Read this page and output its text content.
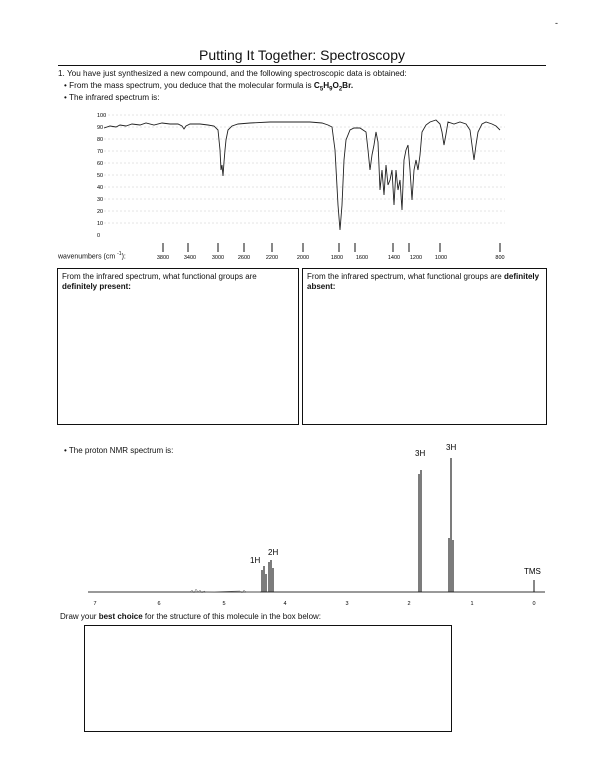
-
Putting It Together: Spectroscopy
1. You have just synthesized a new compound, and the following spectroscopic data is obtained:
• From the mass spectrum, you deduce that the molecular formula is $C_5H_9O_2Br$.
• The infrared spectrum is:
100
90
80
70
60
50
40
30
20
10
0
wavenumbers (cm $^{-1}$):	3800	3400	3000	2600	2200	2000	1800 1600	1400 1200 1000	800
From the infrared spectrum, what functional groups are definitely present:
From the infrared spectrum, what functional groups are definitely absent:
• The proton NMR spectrum is:
1H
2H
3H
3H
TMS
7	6	5	4	3	2	1	0
Draw your best choice for the structure of this molecule in the box below:
